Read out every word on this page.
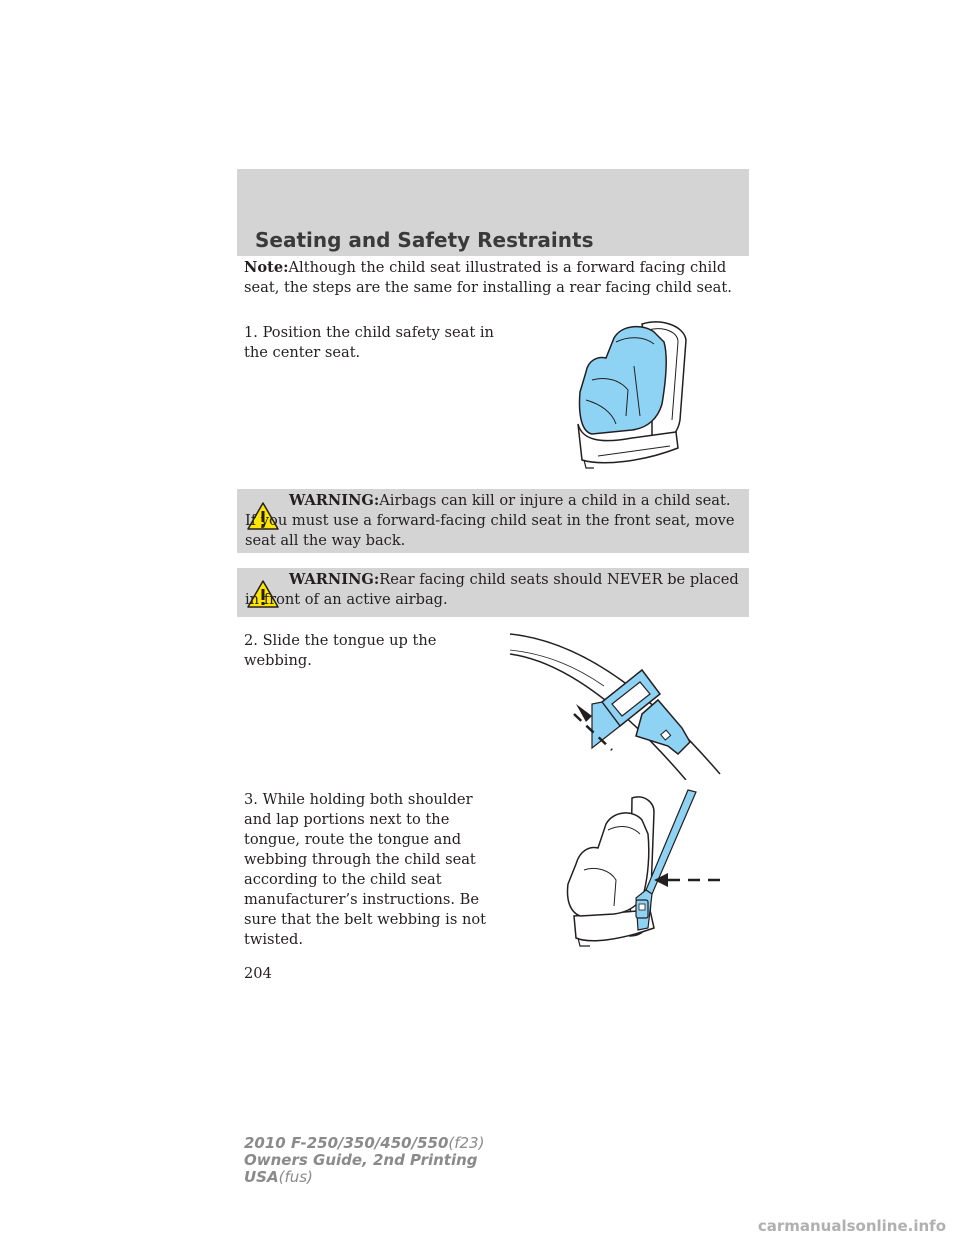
Seating and Safety Restraints
Note:Although the child seat illustrated is a forward facing child seat, the steps are the same for installing a rear facing child seat.
1. Position the child safety seat in the center seat.
WARNING:Airbags can kill or injure a child in a child seat. If you must use a forward-facing child seat in the front seat, move seat all the way back.
WARNING:Rear facing child seats should NEVER be placed in front of an active airbag.
2. Slide the tongue up the webbing.
3. While holding both shoulder and lap portions next to the tongue, route the tongue and webbing through the child seat according to the child seat manufacturer’s instructions. Be sure that the belt webbing is not twisted.
204
2010 F-250/350/450/550(f23)
Owners Guide, 2nd Printing
USA(fus)
carmanualsonline.info
